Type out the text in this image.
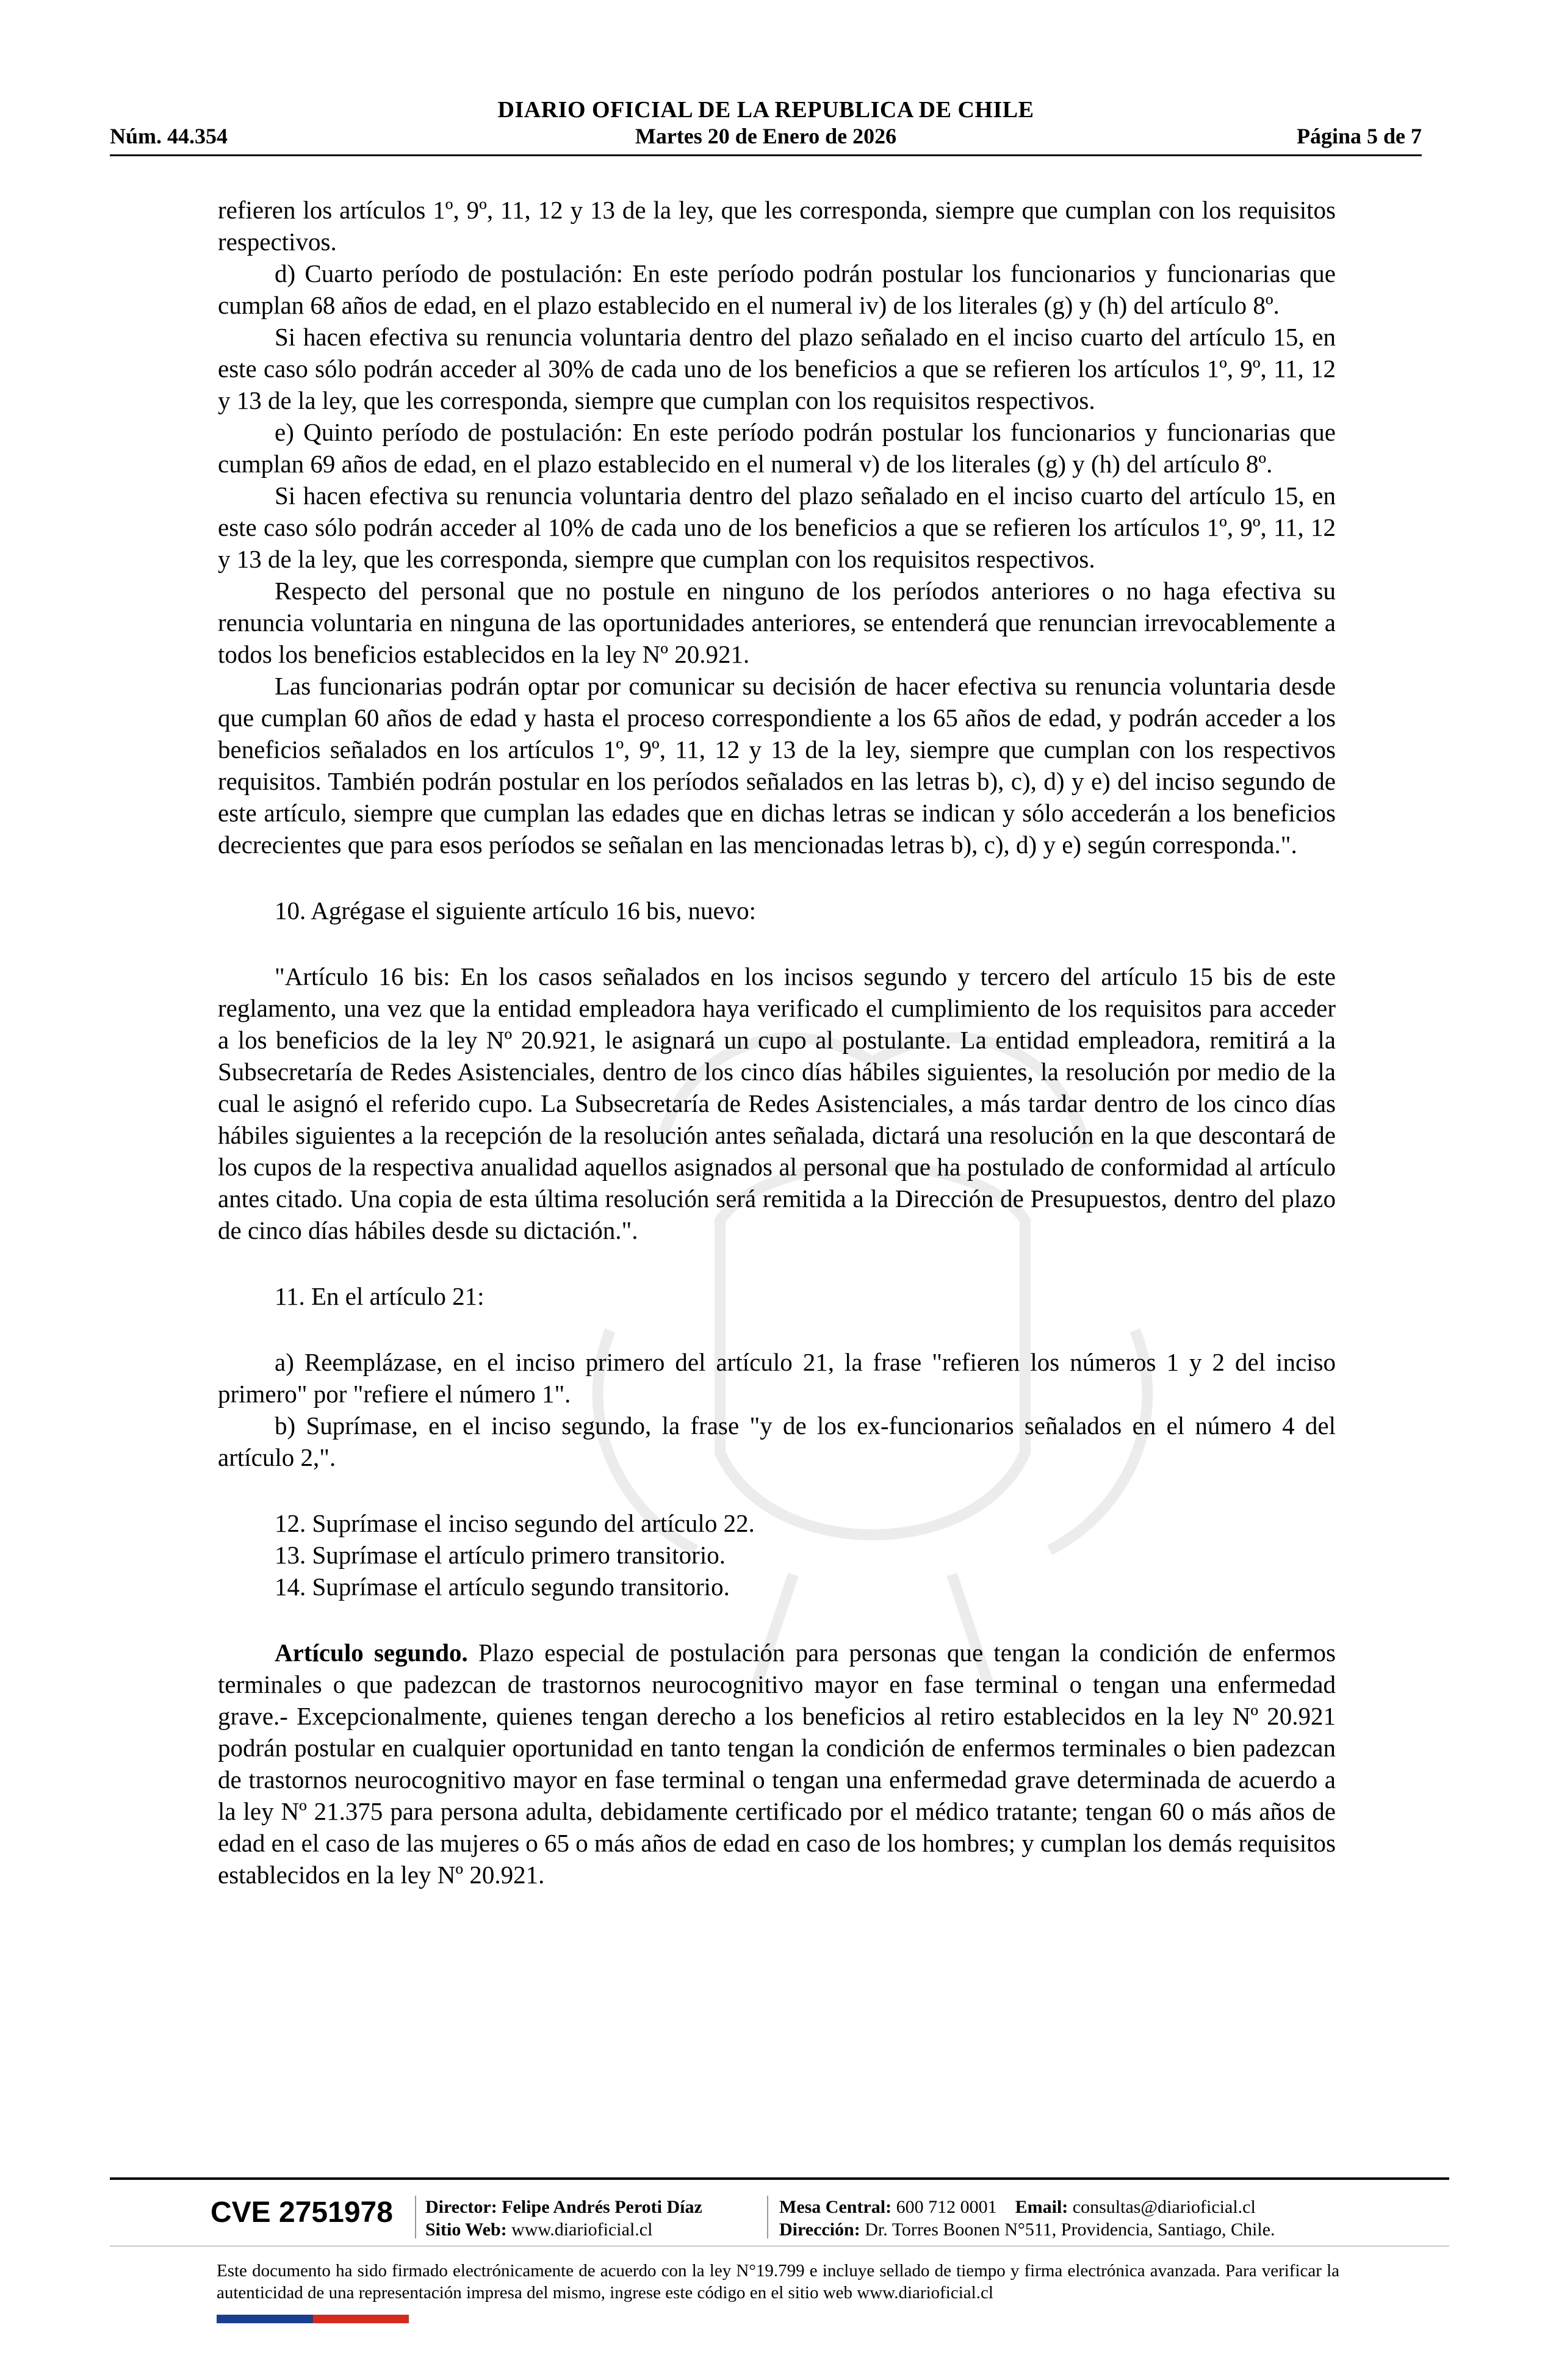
DIARIO OFICIAL DE LA REPUBLICA DE CHILE
Núm. 44.354	Martes 20 de Enero de 2026	Página 5 de 7

refieren los artículos 1º, 9º, 11, 12 y 13 de la ley, que les corresponda, siempre que cumplan con los requisitos respectivos.

d) Cuarto período de postulación: En este período podrán postular los funcionarios y funcionarias que cumplan 68 años de edad, en el plazo establecido en el numeral iv) de los literales (g) y (h) del artículo 8º.

Si hacen efectiva su renuncia voluntaria dentro del plazo señalado en el inciso cuarto del artículo 15, en este caso sólo podrán acceder al 30% de cada uno de los beneficios a que se refieren los artículos 1º, 9º, 11, 12 y 13 de la ley, que les corresponda, siempre que cumplan con los requisitos respectivos.

e) Quinto período de postulación: En este período podrán postular los funcionarios y funcionarias que cumplan 69 años de edad, en el plazo establecido en el numeral v) de los literales (g) y (h) del artículo 8º.

Si hacen efectiva su renuncia voluntaria dentro del plazo señalado en el inciso cuarto del artículo 15, en este caso sólo podrán acceder al 10% de cada uno de los beneficios a que se refieren los artículos 1º, 9º, 11, 12 y 13 de la ley, que les corresponda, siempre que cumplan con los requisitos respectivos.

Respecto del personal que no postule en ninguno de los períodos anteriores o no haga efectiva su renuncia voluntaria en ninguna de las oportunidades anteriores, se entenderá que renuncian irrevocablemente a todos los beneficios establecidos en la ley Nº 20.921.

Las funcionarias podrán optar por comunicar su decisión de hacer efectiva su renuncia voluntaria desde que cumplan 60 años de edad y hasta el proceso correspondiente a los 65 años de edad, y podrán acceder a los beneficios señalados en los artículos 1º, 9º, 11, 12 y 13 de la ley, siempre que cumplan con los respectivos requisitos. También podrán postular en los períodos señalados en las letras b), c), d) y e) del inciso segundo de este artículo, siempre que cumplan las edades que en dichas letras se indican y sólo accederán a los beneficios decrecientes que para esos períodos se señalan en las mencionadas letras b), c), d) y e) según corresponda.".

10. Agrégase el siguiente artículo 16 bis, nuevo:

"Artículo 16 bis: En los casos señalados en los incisos segundo y tercero del artículo 15 bis de este reglamento, una vez que la entidad empleadora haya verificado el cumplimiento de los requisitos para acceder a los beneficios de la ley Nº 20.921, le asignará un cupo al postulante. La entidad empleadora, remitirá a la Subsecretaría de Redes Asistenciales, dentro de los cinco días hábiles siguientes, la resolución por medio de la cual le asignó el referido cupo. La Subsecretaría de Redes Asistenciales, a más tardar dentro de los cinco días hábiles siguientes a la recepción de la resolución antes señalada, dictará una resolución en la que descontará de los cupos de la respectiva anualidad aquellos asignados al personal que ha postulado de conformidad al artículo antes citado. Una copia de esta última resolución será remitida a la Dirección de Presupuestos, dentro del plazo de cinco días hábiles desde su dictación.".

11. En el artículo 21:

a) Reemplázase, en el inciso primero del artículo 21, la frase "refieren los números 1 y 2 del inciso primero" por "refiere el número 1".

b) Suprímase, en el inciso segundo, la frase "y de los ex-funcionarios señalados en el número 4 del artículo 2,".

12. Suprímase el inciso segundo del artículo 22.

13. Suprímase el artículo primero transitorio.

14. Suprímase el artículo segundo transitorio.

Artículo segundo. Plazo especial de postulación para personas que tengan la condición de enfermos terminales o que padezcan de trastornos neurocognitivo mayor en fase terminal o tengan una enfermedad grave.- Excepcionalmente, quienes tengan derecho a los beneficios al retiro establecidos en la ley Nº 20.921 podrán postular en cualquier oportunidad en tanto tengan la condición de enfermos terminales o bien padezcan de trastornos neurocognitivo mayor en fase terminal o tengan una enfermedad grave determinada de acuerdo a la ley Nº 21.375 para persona adulta, debidamente certificado por el médico tratante; tengan 60 o más años de edad en el caso de las mujeres o 65 o más años de edad en caso de los hombres; y cumplan los demás requisitos establecidos en la ley Nº 20.921.

CVE 2751978 Director: Felipe Andrés Peroti Díaz
Sitio Web: www.diarioficial.cl
Mesa Central: 600 712 0001 Email: consultas@diarioficial.cl
Dirección: Dr. Torres Boonen N°511, Providencia, Santiago, Chile.
Este documento ha sido firmado electrónicamente de acuerdo con la ley N°19.799 e incluye sellado de tiempo y firma electrónica avanzada. Para verificar la autenticidad de una representación impresa del mismo, ingrese este código en el sitio web www.diarioficial.cl
